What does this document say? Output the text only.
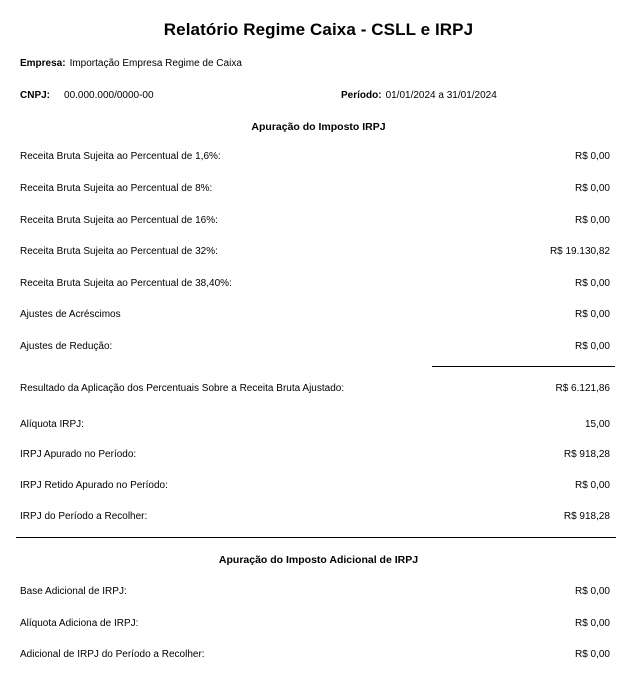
Relatório Regime Caixa - CSLL e IRPJ
Empresa: Importação Empresa Regime de Caixa
CNPJ: 00.000.000/0000-00	Período: 01/01/2024 a 31/01/2024
Apuração do Imposto IRPJ
Receita Bruta Sujeita ao Percentual de 1,6%:	R$ 0,00
Receita Bruta Sujeita ao Percentual de 8%:	R$ 0,00
Receita Bruta Sujeita ao Percentual de 16%:	R$ 0,00
Receita Bruta Sujeita ao Percentual de 32%:	R$ 19.130,82
Receita Bruta Sujeita ao Percentual de 38,40%:	R$ 0,00
Ajustes de Acréscimos	R$ 0,00
Ajustes de Redução:	R$ 0,00
Resultado da Aplicação dos Percentuais Sobre a Receita Bruta Ajustado:	R$ 6.121,86
Alíquota IRPJ:	15,00
IRPJ Apurado no Período:	R$ 918,28
IRPJ Retido Apurado no Período:	R$ 0,00
IRPJ do Período a Recolher:	R$ 918,28
Apuração do Imposto Adicional de IRPJ
Base Adicional de IRPJ:	R$ 0,00
Alíquota Adiciona de IRPJ:	R$ 0,00
Adicional de IRPJ do Período a Recolher:	R$ 0,00
